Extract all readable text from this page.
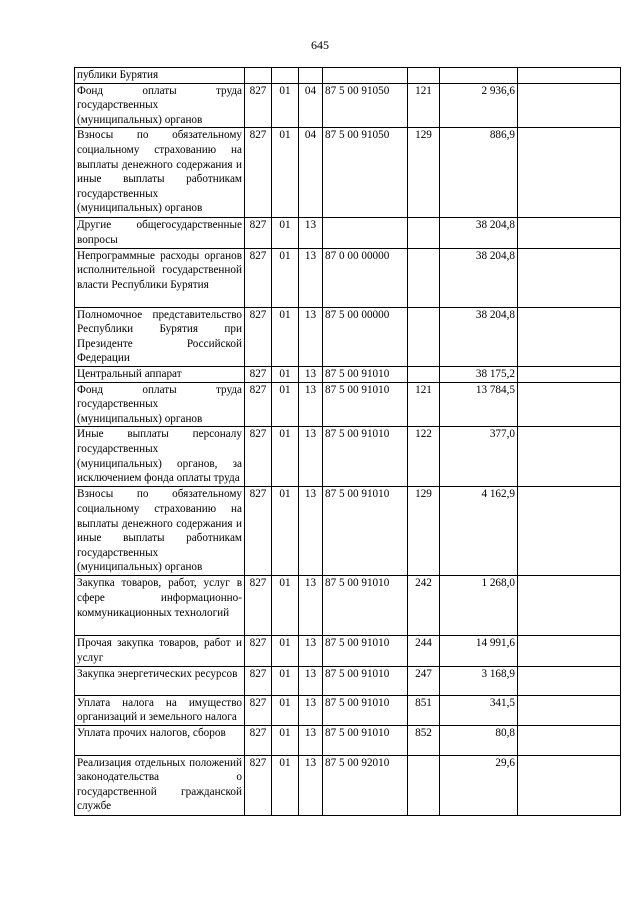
645
публики Бурятия							
Фонд оплаты труда государственных (муниципальных) органов	827	01	04	87 5 00 91050	121	2 936,6	
Взносы по обязательному социальному страхованию на выплаты денежного содержания и иные выплаты работникам государственных (муниципальных) органов	827	01	04	87 5 00 91050	129	886,9	
Другие общегосударственные вопросы	827	01	13			38 204,8	
Непрограммные расходы органов исполнительной государственной власти Республики Бурятия	827	01	13	87 0 00 00000		38 204,8	
Полномочное представительство Республики Бурятия при Президенте Российской Федерации	827	01	13	87 5 00 00000		38 204,8	
Центральный аппарат	827	01	13	87 5 00 91010		38 175,2	
Фонд оплаты труда государственных (муниципальных) органов	827	01	13	87 5 00 91010	121	13 784,5	
Иные выплаты персоналу государственных (муниципальных) органов, за исключением фонда оплаты труда	827	01	13	87 5 00 91010	122	377,0	
Взносы по обязательному социальному страхованию на выплаты денежного содержания и иные выплаты работникам государственных (муниципальных) органов	827	01	13	87 5 00 91010	129	4 162,9	
Закупка товаров, работ, услуг в сфере информационно-коммуникационных технологий	827	01	13	87 5 00 91010	242	1 268,0	
Прочая закупка товаров, работ и услуг	827	01	13	87 5 00 91010	244	14 991,6	
Закупка энергетических ресурсов	827	01	13	87 5 00 91010	247	3 168,9	
Уплата налога на имущество организаций и земельного налога	827	01	13	87 5 00 91010	851	341,5	
Уплата прочих налогов, сборов	827	01	13	87 5 00 91010	852	80,8	
Реализация отдельных положений законодательства о государственной гражданской службе	827	01	13	87 5 00 92010		29,6	
